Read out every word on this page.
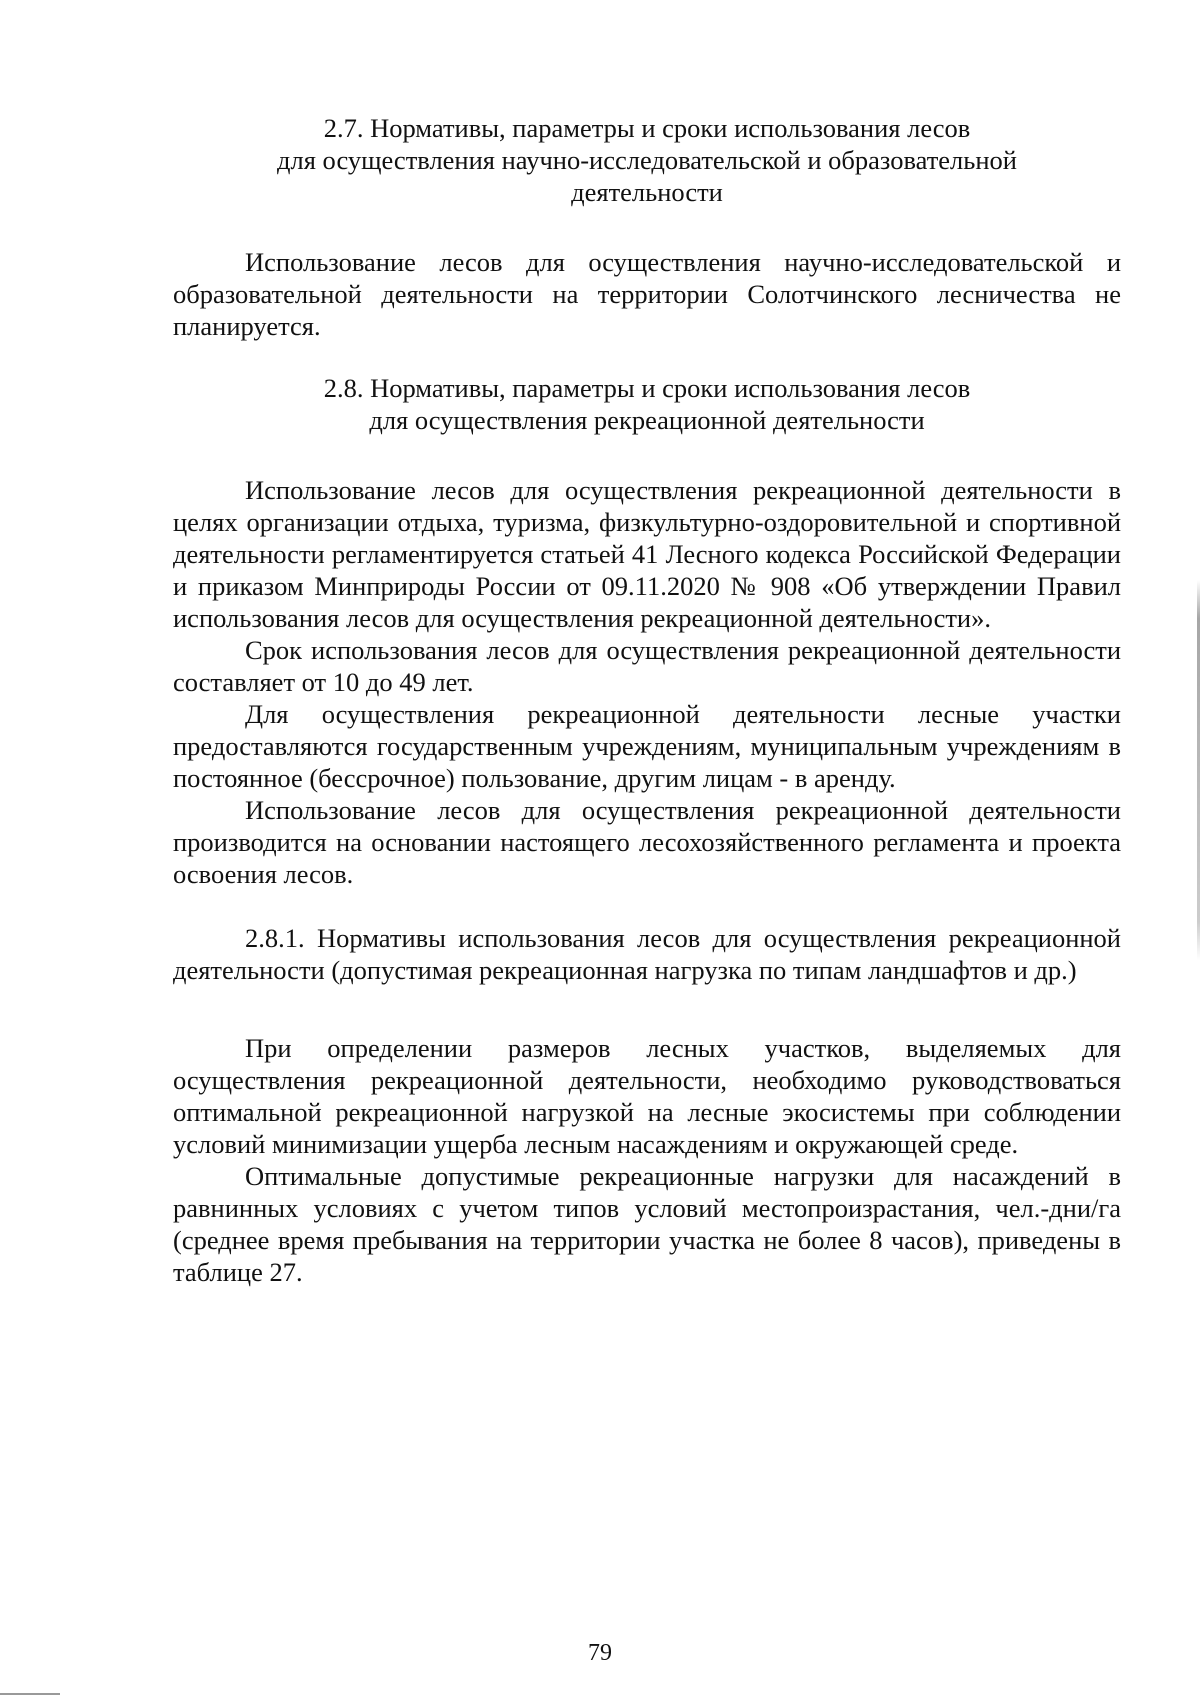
2.7. Нормативы, параметры и сроки использования лесов
для осуществления научно-исследовательской и образовательной
деятельности

Использование лесов для осуществления научно-исследовательской и образовательной деятельности на территории Солотчинского лесничества не планируется.

2.8. Нормативы, параметры и сроки использования лесов
для осуществления рекреационной деятельности

Использование лесов для осуществления рекреационной деятельности в целях организации отдыха, туризма, физкультурно-оздоровительной и спортивной деятельности регламентируется статьей 41 Лесного кодекса Российской Федерации и приказом Минприроды России от 09.11.2020 № 908 «Об утверждении Правил использования лесов для осуществления рекреационной деятельности».

Срок использования лесов для осуществления рекреационной деятельности составляет от 10 до 49 лет.

Для осуществления рекреационной деятельности лесные участки предоставляются государственным учреждениям, муниципальным учреждениям в постоянное (бессрочное) пользование, другим лицам - в аренду.

Использование лесов для осуществления рекреационной деятельности производится на основании настоящего лесохозяйственного регламента и проекта освоения лесов.

2.8.1. Нормативы использования лесов для осуществления рекреационной деятельности (допустимая рекреационная нагрузка по типам ландшафтов и др.)

При определении размеров лесных участков, выделяемых для осуществления рекреационной деятельности, необходимо руководствоваться оптимальной рекреационной нагрузкой на лесные экосистемы при соблюдении условий минимизации ущерба лесным насаждениям и окружающей среде.

Оптимальные допустимые рекреационные нагрузки для насаждений в равнинных условиях с учетом типов условий местопроизрастания, чел.-дни/га (среднее время пребывания на территории участка не более 8 часов), приведены в таблице 27.

79
